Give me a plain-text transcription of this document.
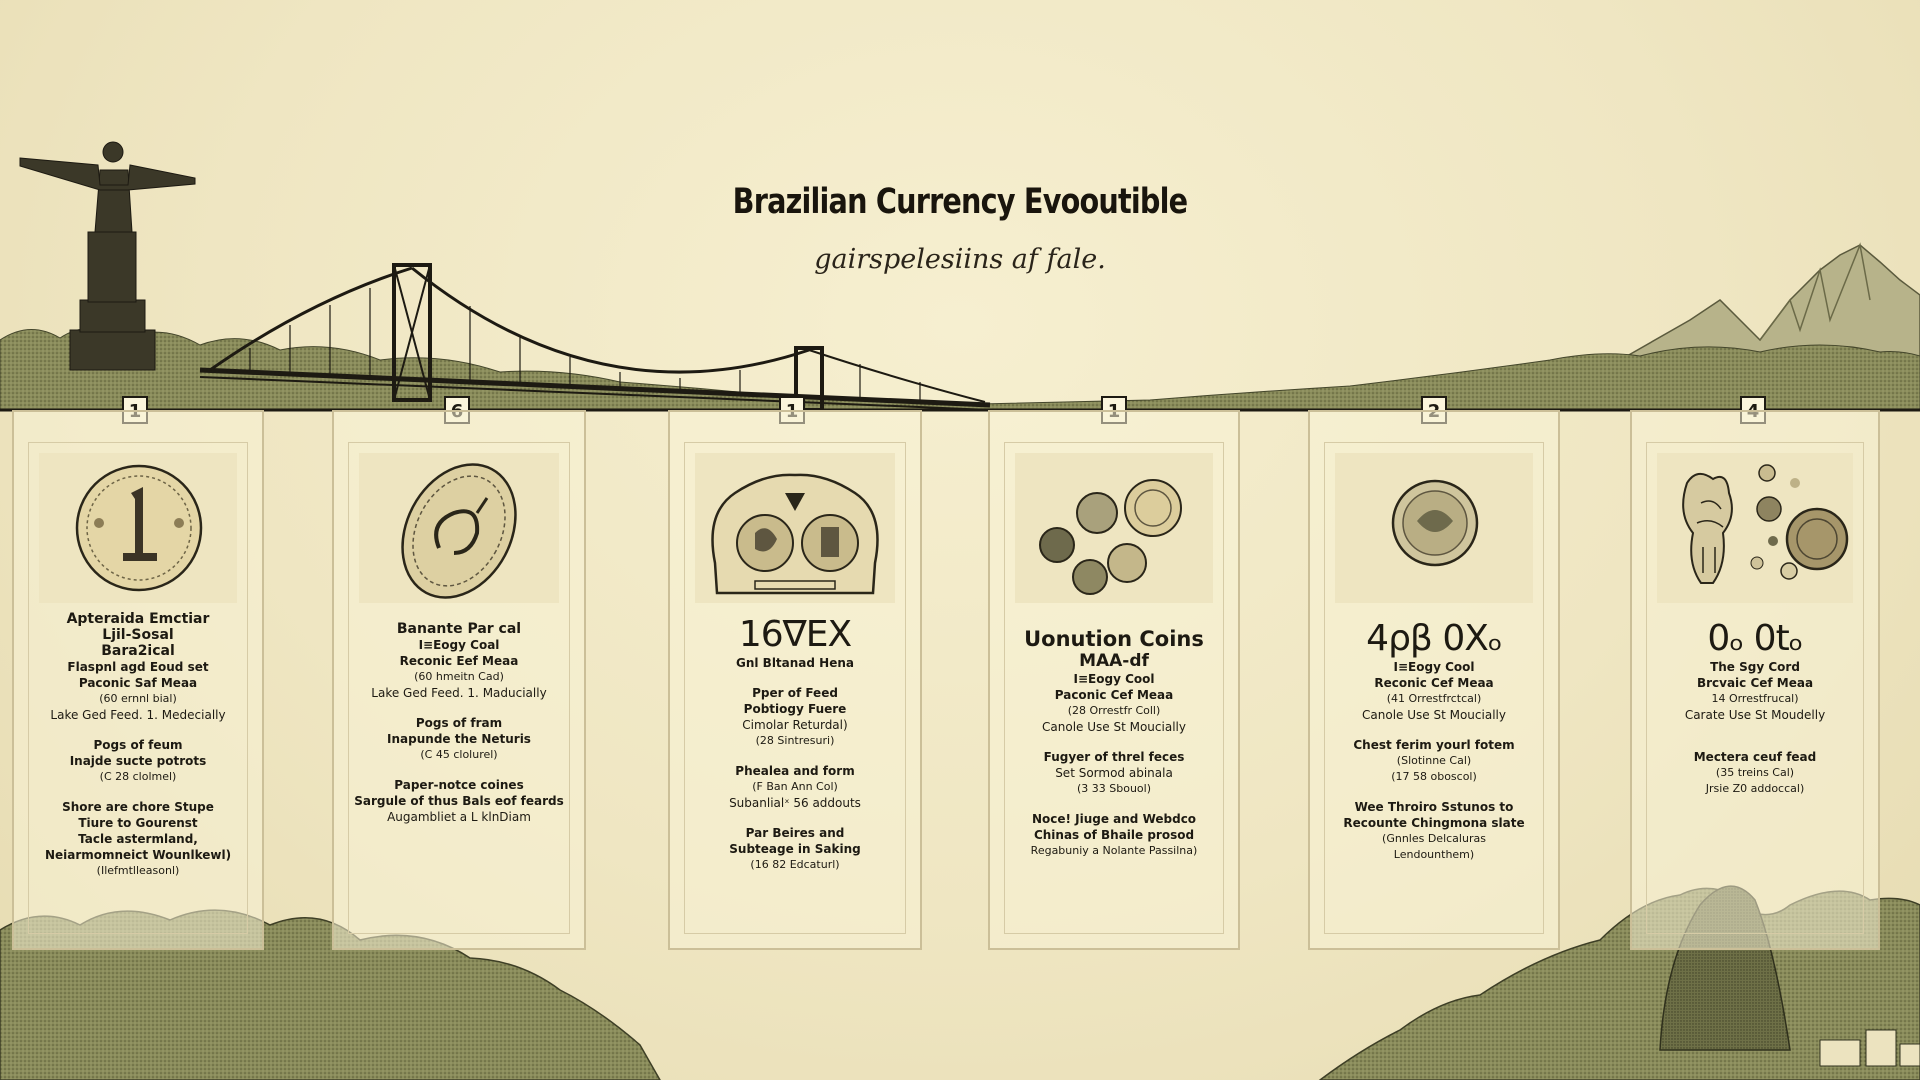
Brazilian Currency Evooutible
gairspelesiins af fale.
Apteraida Emctiar
Ljil-Sosal
Bara2ical
Flaspnl agd Eoud set
Paconic Saf Meaa
(60 ernnl bial)
Lake Ged Feed. 1. Medecially
Pogs of feum
Inajde sucte potrots
(C 28 clolmel)
Shore are chore Stupe
Tiure to Gourenst
Tacle astermland,
Neiarmomneict Wounlkewl)
(Ilefmtlleasonl)
Banante Par cal
I≡Eogy Coal
Reconic Eef Meaa
(60 hmeitn Cad)
Lake Ged Feed. 1. Maducially
Pogs of fram
Inapunde the Neturis
(C 45 clolurel)
Paper-notce coines
Sargule of thus Bals eof feards
Augambliet a L klnDiam
16∇EX
Gnl Bltanad Hena
Pper of Feed
Pobtiogy Fuere
Cimolar Returdal)
(28 Sintresuri)
Phealea and form
(F Ban Ann Col)
Subanlialˣ 56 addouts
Par Beires and
Subteage in Saking
(16 82 Edcaturl)
Uonution Coins
MAA-df
I≡Eogy Cool
Paconic Cef Meaa
(28 Orrestfr Coll)
Canole Use St Moucially
Fugyer of threl feces
Set Sormod abinala
(3 33 Sbouol)
Noce! Jiuge and Webdco
Chinas of Bhaile prosod
Regabuniy a Nolante Passilna)
4ρβ 0Xₒ
I≡Eogy Cool
Reconic Cef Meaa
(41 Orrestfrctcal)
Canole Use St Moucially
Chest ferim yourl fotem
(Slotinne Cal)
(17 58 oboscol)
Wee Throiro Sstunos to
Recounte Chingmona slate
(Gnnles Delcaluras
Lendounthem)
0ₒ 0tₒ
The Sgy Cord
Brcvaic Cef Meaa
14 Orrestfrucal)
Carate Use St Moudelly
Mectera ceuf fead
(35 treins Cal)
Jrsie Z0 addoccal)
